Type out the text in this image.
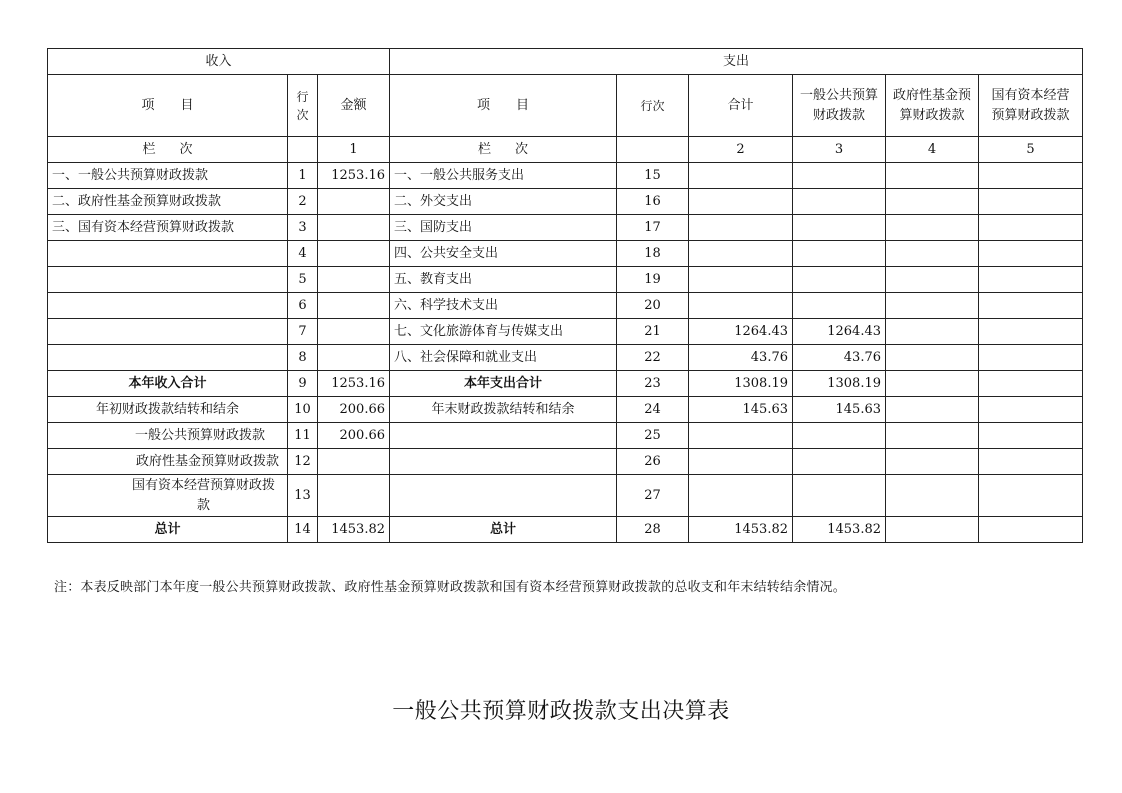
收入			支出					
项　　目	行次	金额	项　　目	行次	合计	一般公共预算财政拨款	政府性基金预算财政拨款	国有资本经营预算财政拨款

栏次		1	栏次		2	3	4	5
一、一般公共预算财政拨款	1	1253.16	一、一般公共服务支出	15				
二、政府性基金预算财政拨款	2		二、外交支出	16				
三、国有资本经营预算财政拨款	3		三、国防支出	17				
	4		四、公共安全支出	18				
	5		五、教育支出	19				
	6		六、科学技术支出	20				
	7		七、文化旅游体育与传媒支出	21	1264.43	1264.43		
	8		八、社会保障和就业支出	22	43.76	43.76		
本年收入合计	9	1253.16	本年支出合计	23	1308.19	1308.19		
年初财政拨款结转和结余	10	200.66	年末财政拨款结转和结余	24	145.63	145.63		
一般公共预算财政拨款	11	200.66		25				
政府性基金预算财政拨款	12			26				
国有资本经营预算财政拨款	13			27				
总计	14	1453.82	总计	28	1453.82	1453.82		
注：本表反映部门本年度一般公共预算财政拨款、政府性基金预算财政拨款和国有资本经营预算财政拨款的总收支和年末结转结余情况。
一般公共预算财政拨款支出决算表
